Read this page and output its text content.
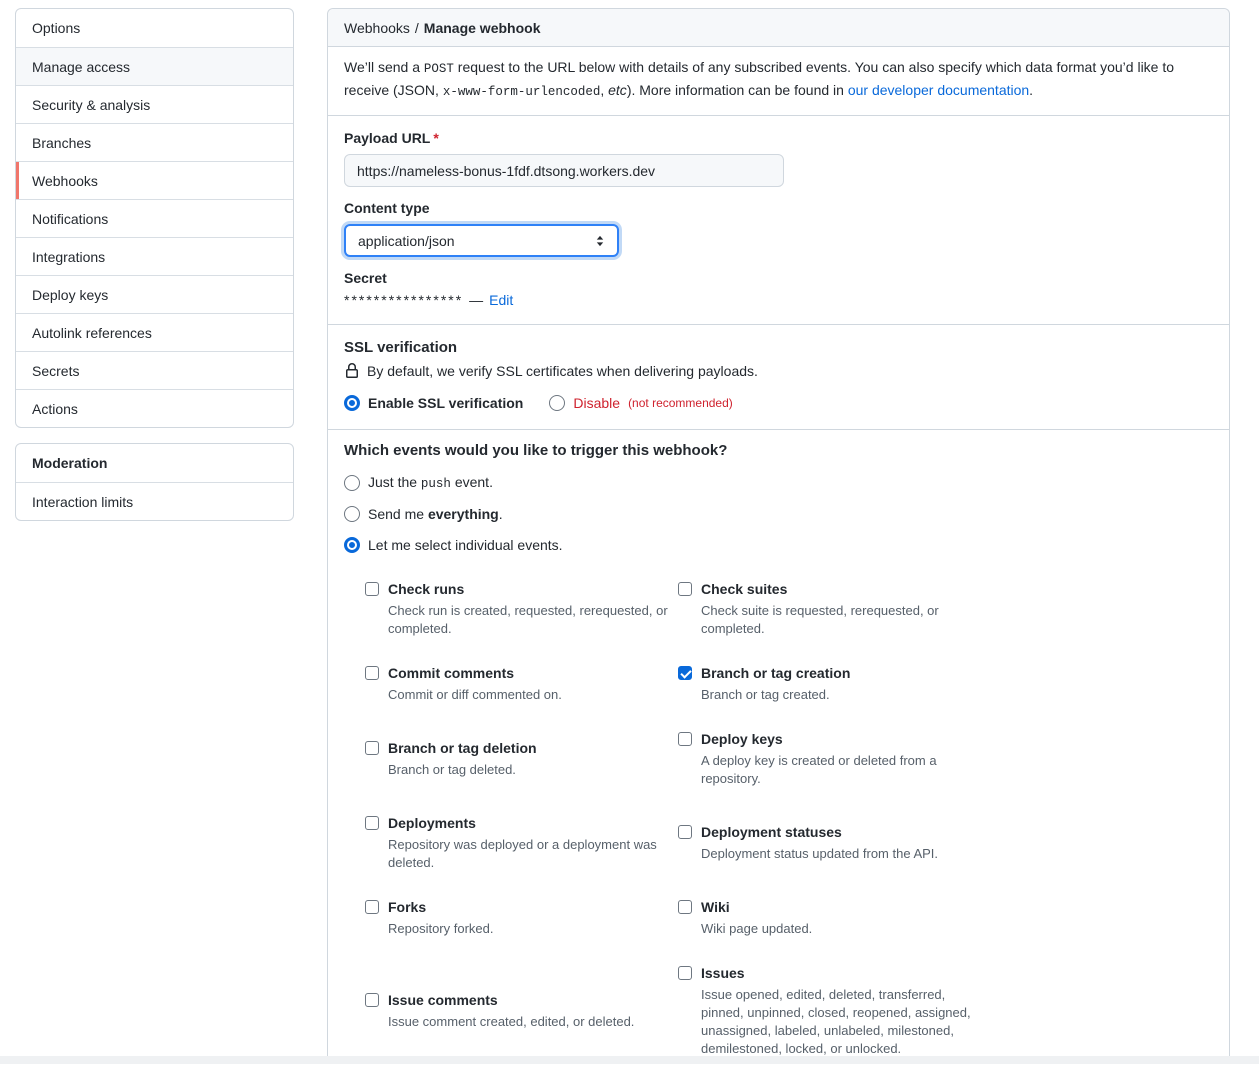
Options
Manage access
Security & analysis
Branches
Webhooks
Notifications
Integrations
Deploy keys
Autolink references
Secrets
Actions
Moderation
Interaction limits
Webhooks / Manage webhook
We’ll send a POST request to the URL below with details of any subscribed events. You can also specify which data format you’d like to receive (JSON, x-www-form-urlencoded, etc). More information can be found in our developer documentation.
Payload URL *
https://nameless-bonus-1fdf.dtsong.workers.dev
Content type
application/json
Secret
**************** — Edit
SSL verification
By default, we verify SSL certificates when delivering payloads.
Enable SSL verification	Disable (not recommended)
Which events would you like to trigger this webhook?
Just the push event.
Send me everything.
Let me select individual events.
Check runs
Check run is created, requested, rerequested, or completed.
Check suites
Check suite is requested, rerequested, or completed.
Commit comments
Commit or diff commented on.
Branch or tag creation
Branch or tag created.
Branch or tag deletion
Branch or tag deleted.
Deploy keys
A deploy key is created or deleted from a repository.
Deployments
Repository was deployed or a deployment was deleted.
Deployment statuses
Deployment status updated from the API.
Forks
Repository forked.
Wiki
Wiki page updated.
Issue comments
Issue comment created, edited, or deleted.
Issues
Issue opened, edited, deleted, transferred, pinned, unpinned, closed, reopened, assigned, unassigned, labeled, unlabeled, milestoned, demilestoned, locked, or unlocked.
